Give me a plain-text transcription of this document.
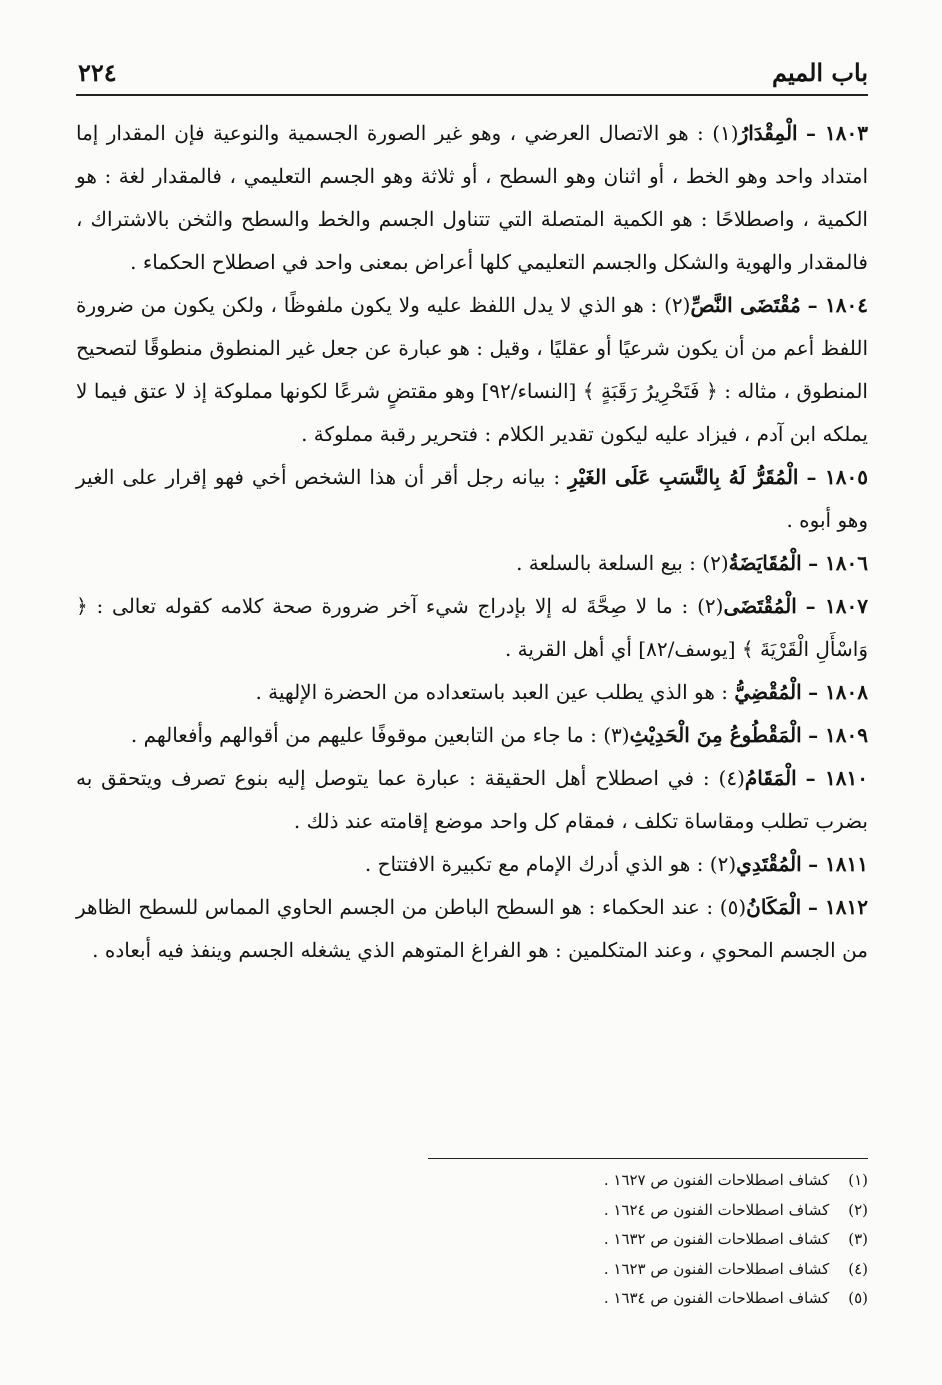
باب الميم
٢٢٤

١٨٠٣ – الْمِقْدَارُ(١) : هو الاتصال العرضي ، وهو غير الصورة الجسمية والنوعية فإن المقدار إما امتداد واحد وهو الخط ، أو اثنان وهو السطح ، أو ثلاثة وهو الجسم التعليمي ، فالمقدار لغة : هو الكمية ، واصطلاحًا : هو الكمية المتصلة التي تتناول الجسم والخط والسطح والثخن بالاشتراك ، فالمقدار والهوية والشكل والجسم التعليمي كلها أعراض بمعنى واحد في اصطلاح الحكماء .

١٨٠٤ – مُقْتَضَى النَّصِّ(٢) : هو الذي لا يدل اللفظ عليه ولا يكون ملفوظًا ، ولكن يكون من ضرورة اللفظ أعم من أن يكون شرعيًا أو عقليًا ، وقيل : هو عبارة عن جعل غير المنطوق منطوقًا لتصحيح المنطوق ، مثاله : ﴿ فَتَحْرِيرُ رَقَبَةٍ ﴾ [النساء/٩٢] وهو مقتضٍ شرعًا لكونها مملوكة إذ لا عتق فيما لا يملكه ابن آدم ، فيزاد عليه ليكون تقدير الكلام : فتحرير رقبة مملوكة .

١٨٠٥ – الْمُقَرُّ لَهُ بِالنَّسَبِ عَلَى الغَيْرِ : بيانه رجل أقر أن هذا الشخص أخي فهو إقرار على الغير وهو أبوه .

١٨٠٦ – الْمُقَايَضَةُ(٢) : بيع السلعة بالسلعة .

١٨٠٧ – الْمُقْتَضَى(٢) : ما لا صِحَّةَ له إلا بإدراج شيء آخر ضرورة صحة كلامه كقوله تعالى : ﴿ وَاسْأَلِ الْقَرْيَةَ ﴾ [يوسف/٨٢] أي أهل القرية .

١٨٠٨ – الْمُقْضِيُّ : هو الذي يطلب عين العبد باستعداده من الحضرة الإلهية .

١٨٠٩ – الْمَقْطُوعُ مِنَ الْحَدِيْثِ(٣) : ما جاء من التابعين موقوفًا عليهم من أقوالهم وأفعالهم .

١٨١٠ – الْمَقَامُ(٤) : في اصطلاح أهل الحقيقة : عبارة عما يتوصل إليه بنوع تصرف ويتحقق به بضرب تطلب ومقاساة تكلف ، فمقام كل واحد موضع إقامته عند ذلك .

١٨١١ – الْمُقْتَدِي(٢) : هو الذي أدرك الإمام مع تكبيرة الافتتاح .

١٨١٢ – الْمَكَانُ(٥) : عند الحكماء : هو السطح الباطن من الجسم الحاوي المماس للسطح الظاهر من الجسم المحوي ، وعند المتكلمين : هو الفراغ المتوهم الذي يشغله الجسم وينفذ فيه أبعاده .

(١) كشاف اصطلاحات الفنون ص ١٦٢٧ .
(٢) كشاف اصطلاحات الفنون ص ١٦٢٤ .
(٣) كشاف اصطلاحات الفنون ص ١٦٣٢ .
(٤) كشاف اصطلاحات الفنون ص ١٦٢٣ .
(٥) كشاف اصطلاحات الفنون ص ١٦٣٤ .
